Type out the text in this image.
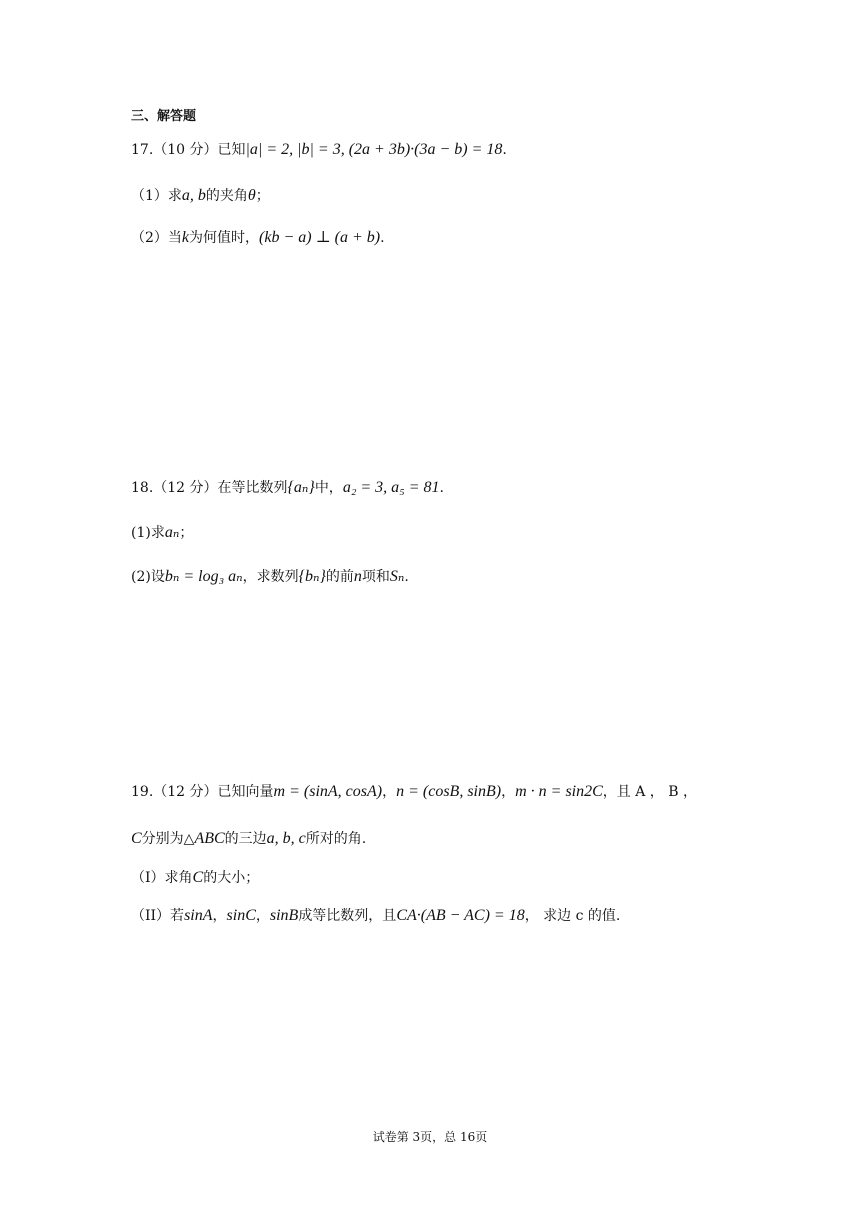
三、解答题
17.（10 分）已知|a| = 2, |b| = 3, (2a + 3b)·(3a − b) = 18.
（1）求a, b的夹角θ；
（2）当k为何值时，(kb − a) ⊥ (a + b).
18.（12 分）在等比数列{aₙ}中，a₂ = 3, a₅ = 81.
(1)求aₙ；
(2)设bₙ = log₃ aₙ，求数列{bₙ}的前n项和Sₙ.
19.（12 分）已知向量m = (sinA, cosA)，n = (cosB, sinB)，m · n = sin2C，且 A ， B ，
C分别为△ABC的三边a, b, c所对的角.
（I）求角C的大小；
（II）若sinA，sinC，sinB成等比数列，且CA·(AB − AC) = 18， 求边 c 的值.
试卷第 3页，总 16页
